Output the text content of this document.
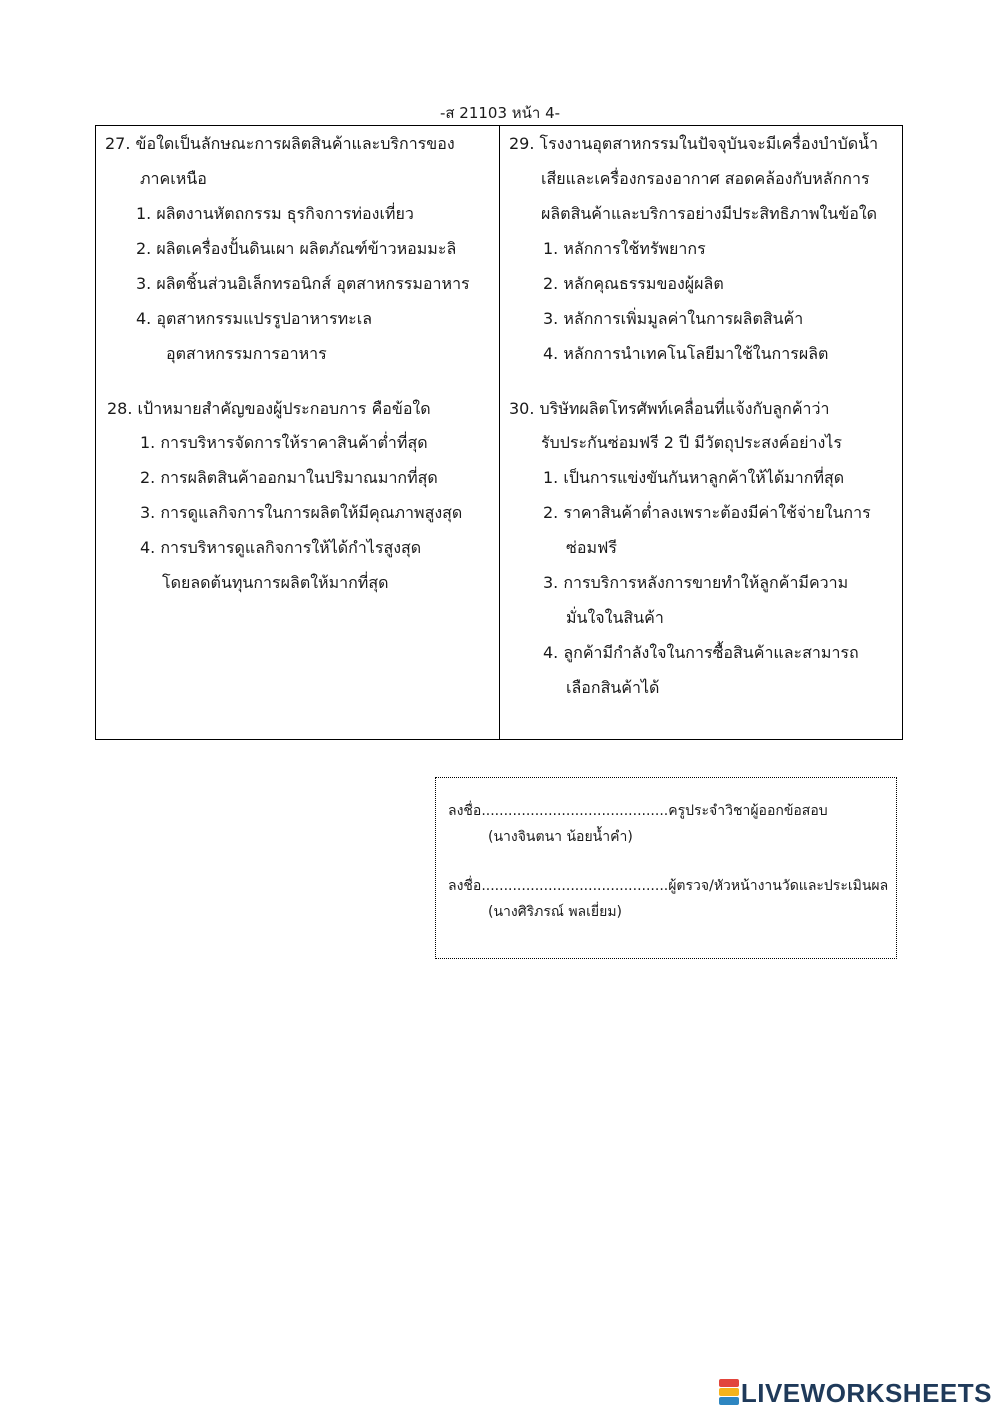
-ส 21103 หน้า 4-
27. ข้อใดเป็นลักษณะการผลิตสินค้าและบริการของ
ภาคเหนือ
1. ผลิตงานหัตถกรรม ธุรกิจการท่องเที่ยว
2. ผลิตเครื่องปั้นดินเผา ผลิตภัณฑ์ข้าวหอมมะลิ
3. ผลิตชิ้นส่วนอิเล็กทรอนิกส์ อุตสาหกรรมอาหาร
4. อุตสาหกรรมแปรรูปอาหารทะเล
อุตสาหกรรมการอาหาร
28. เป้าหมายสำคัญของผู้ประกอบการ คือข้อใด
1. การบริหารจัดการให้ราคาสินค้าต่ำที่สุด
2. การผลิตสินค้าออกมาในปริมาณมากที่สุด
3. การดูแลกิจการในการผลิตให้มีคุณภาพสูงสุด
4. การบริหารดูแลกิจการให้ได้กำไรสูงสุด
โดยลดต้นทุนการผลิตให้มากที่สุด
29. โรงงานอุตสาหกรรมในปัจจุบันจะมีเครื่องบำบัดน้ำ
เสียและเครื่องกรองอากาศ สอดคล้องกับหลักการ
ผลิตสินค้าและบริการอย่างมีประสิทธิภาพในข้อใด
1. หลักการใช้ทรัพยากร
2. หลักคุณธรรมของผู้ผลิต
3. หลักการเพิ่มมูลค่าในการผลิตสินค้า
4. หลักการนำเทคโนโลยีมาใช้ในการผลิต
30. บริษัทผลิตโทรศัพท์เคลื่อนที่แจ้งกับลูกค้าว่า
รับประกันซ่อมฟรี 2 ปี มีวัตถุประสงค์อย่างไร
1. เป็นการแข่งขันกันหาลูกค้าให้ได้มากที่สุด
2. ราคาสินค้าต่ำลงเพราะต้องมีค่าใช้จ่ายในการ
ซ่อมฟรี
3. การบริการหลังการขายทำให้ลูกค้ามีความ
มั่นใจในสินค้า
4. ลูกค้ามีกำลังใจในการซื้อสินค้าและสามารถ
เลือกสินค้าได้
ลงชื่อ..........................................ครูประจำวิชาผู้ออกข้อสอบ
(นางจินตนา น้อยน้ำคำ)
ลงชื่อ..........................................ผู้ตรวจ/หัวหน้างานวัดและประเมินผล
(นางศิริภรณ์ พลเยี่ยม)
LIVEWORKSHEETS
